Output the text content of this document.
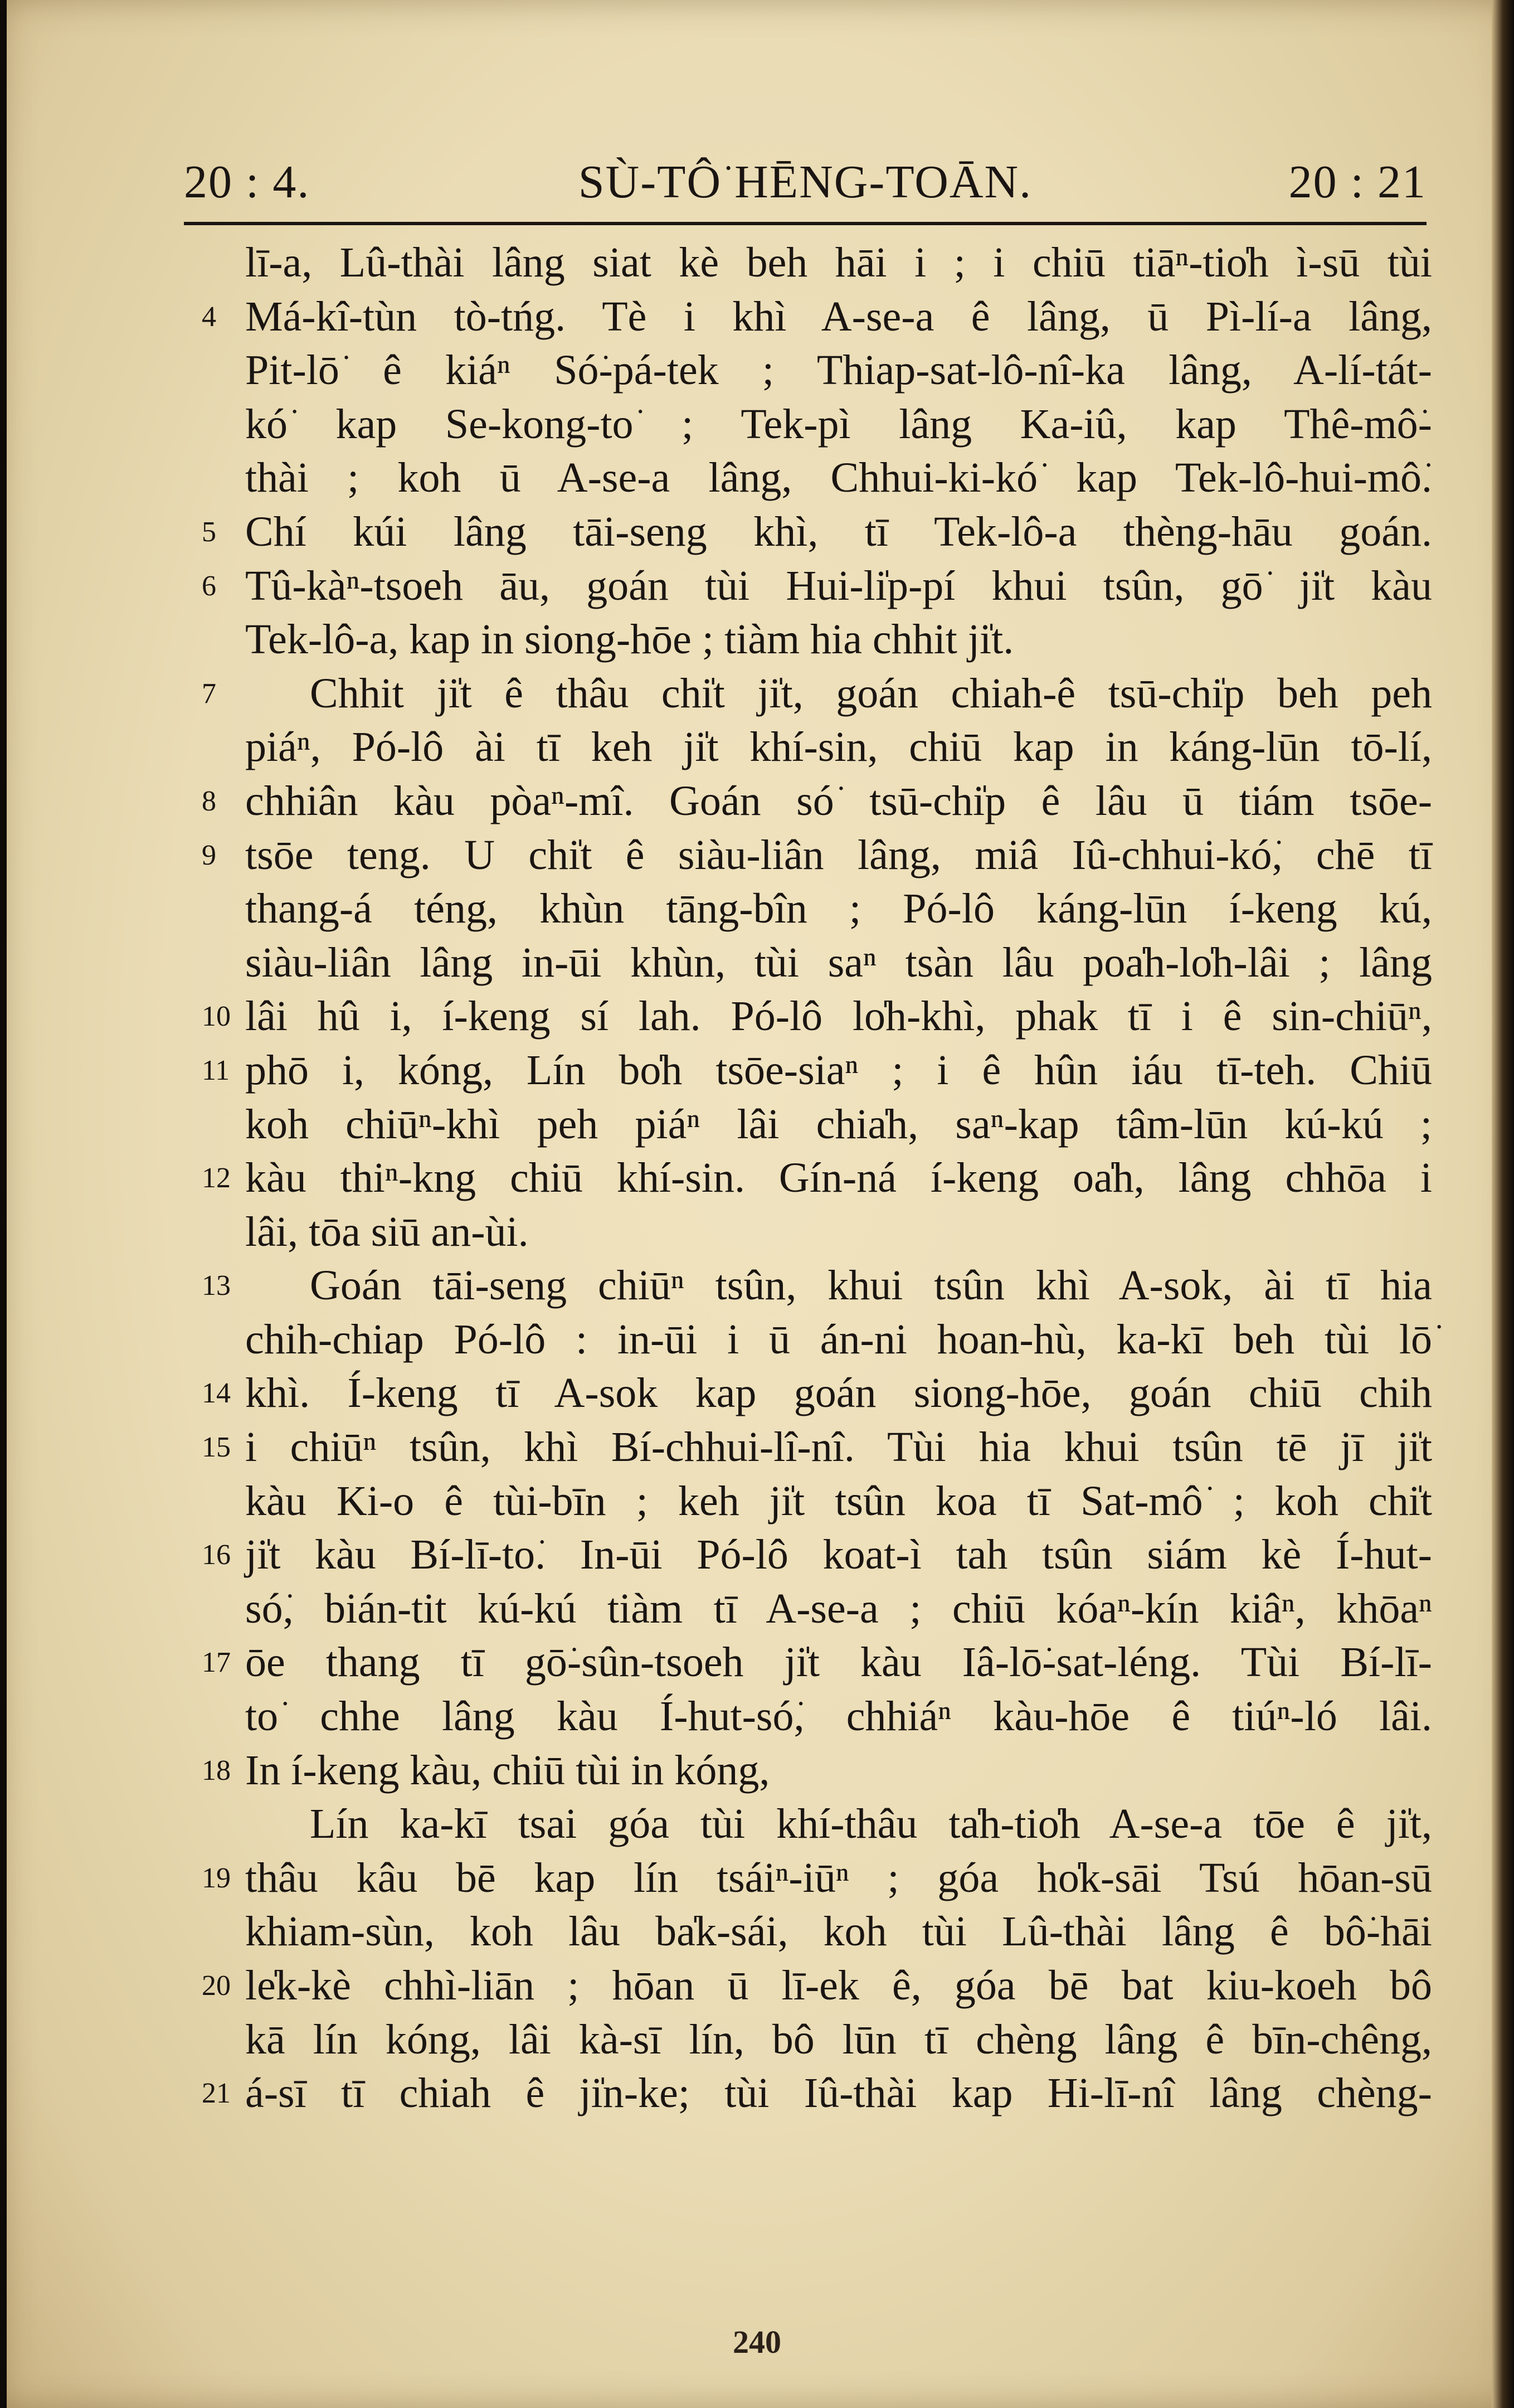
20 : 4.	SÙ-TÔ͘ HĒNG-TOĀN.	20 : 21
lī-a, Lû-thài lâng siat kè beh hāi i ; i chiū tiāⁿ-tio̍h ì-sū tùi
4 Má-kî-tùn tò-tńg. Tè i khì A-se-a ê lâng, ū Pì-lí-a lâng,
Pit-lō͘ ê kiáⁿ Só͘-pá-tek ; Thiap-sat-lô-nî-ka lâng, A-lí-tát-
kó͘ kap Se-kong-to͘ ; Tek-pì lâng Ka-iû, kap Thê-mô͘-
thài ; koh ū A-se-a lâng, Chhui-ki-kó͘ kap Tek-lô-hui-mô͘.
5 Chí kúi lâng tāi-seng khì, tī Tek-lô-a thèng-hāu goán.
6 Tû-kàⁿ-tsoeh āu, goán tùi Hui-li̍p-pí khui tsûn, gō͘ ji̍t kàu
Tek-lô-a, kap in siong-hōe ; tiàm hia chhit ji̍t.
7 Chhit ji̍t ê thâu chi̍t ji̍t, goán chiah-ê tsū-chi̍p beh peh
piáⁿ, Pó-lô ài tī keh ji̍t khí-sin, chiū kap in káng-lūn tō-lí,
8 chhiân kàu pòaⁿ-mî. Goán só͘ tsū-chi̍p ê lâu ū tiám tsōe-
9 tsōe teng. U chi̍t ê siàu-liân lâng, miâ Iû-chhui-kó͘, chē tī
thang-á téng, khùn tāng-bîn ; Pó-lô káng-lūn í-keng kú,
siàu-liân lâng in-ūi khùn, tùi saⁿ tsàn lâu poa̍h-lo̍h-lâi ; lâng
10 lâi hû i, í-keng sí lah. Pó-lô lo̍h-khì, phak tī i ê sin-chiūⁿ,
11 phō i, kóng, Lín bo̍h tsōe-siaⁿ ; i ê hûn iáu tī-teh. Chiū
koh chiūⁿ-khì peh piáⁿ lâi chia̍h, saⁿ-kap tâm-lūn kú-kú ;
12 kàu thiⁿ-kng chiū khí-sin. Gín-ná í-keng oa̍h, lâng chhōa i
lâi, tōa siū an-ùi.
13 Goán tāi-seng chiūⁿ tsûn, khui tsûn khì A-sok, ài tī hia
chih-chiap Pó-lô : in-ūi i ū án-ni hoan-hù, ka-kī beh tùi lō͘
14 khì. Í-keng tī A-sok kap goán siong-hōe, goán chiū chih
15 i chiūⁿ tsûn, khì Bí-chhui-lî-nî. Tùi hia khui tsûn tē jī ji̍t
kàu Ki-o ê tùi-bīn ; keh ji̍t tsûn koa tī Sat-mô͘ ; koh chi̍t
16 ji̍t kàu Bí-lī-to͘. In-ūi Pó-lô koat-ì tah tsûn siám kè Í-hut-
só͘, bián-tit kú-kú tiàm tī A-se-a ; chiū kóaⁿ-kín kiâⁿ, khōaⁿ
17 ōe thang tī gō͘-sûn-tsoeh ji̍t kàu Iâ-lō͘-sat-léng. Tùi Bí-lī-
to͘ chhe lâng kàu Í-hut-só͘, chhiáⁿ kàu-hōe ê tiúⁿ-ló lâi.
18 In í-keng kàu, chiū tùi in kóng,
Lín ka-kī tsai góa tùi khí-thâu ta̍h-tio̍h A-se-a tōe ê ji̍t,
19 thâu kâu bē kap lín tsáiⁿ-iūⁿ ; góa ho̍k-sāi Tsú hōan-sū
khiam-sùn, koh lâu ba̍k-sái, koh tùi Lû-thài lâng ê bô͘-hāi
20 le̍k-kè chhì-liān ; hōan ū lī-ek ê, góa bē bat kiu-koeh bô
kā lín kóng, lâi kà-sī lín, bô lūn tī chèng lâng ê bīn-chêng,
21 á-sī tī chiah ê ji̍n-ke; tùi Iû-thài kap Hi-lī-nî lâng chèng-
240
